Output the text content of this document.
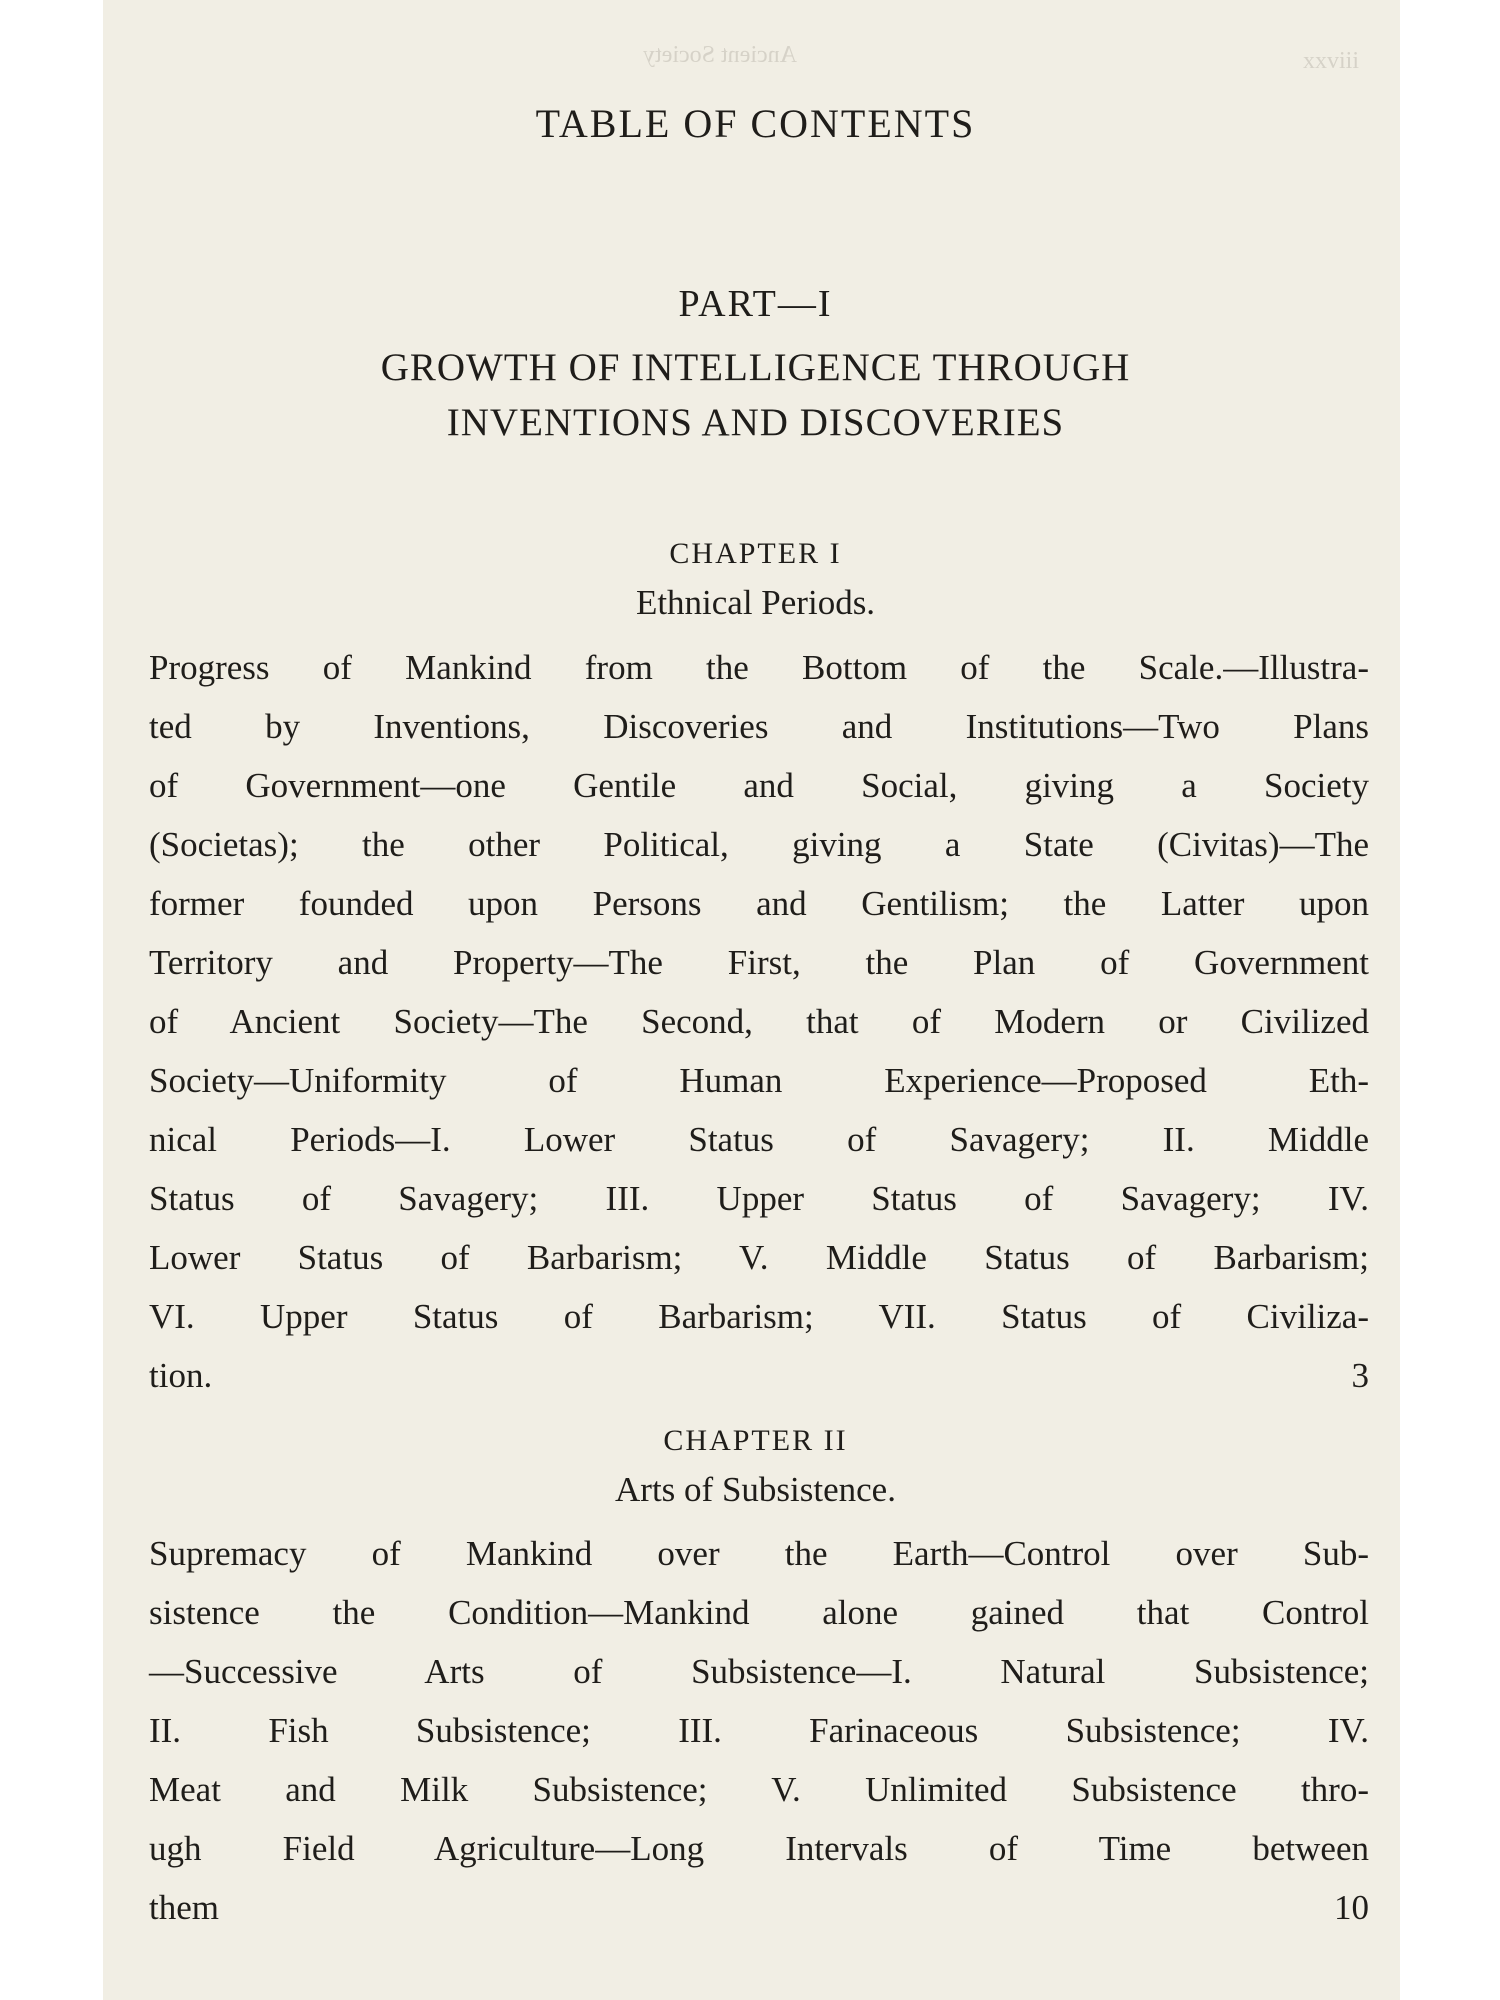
Ancient Society	xxviii
TABLE OF CONTENTS
PART—I
GROWTH OF INTELLIGENCE THROUGH
INVENTIONS AND DISCOVERIES
CHAPTER I
Ethnical Periods.
Progress of Mankind from the Bottom of the Scale.—Illustra-
ted by Inventions, Discoveries and Institutions—Two Plans
of Government—one Gentile and Social, giving a Society
(Societas); the other Political, giving a State (Civitas)—The
former founded upon Persons and Gentilism; the Latter upon
Territory and Property—The First, the Plan of Government
of Ancient Society—The Second, that of Modern or Civilized
Society—Uniformity of Human Experience—Proposed Eth-
nical Periods—I. Lower Status of Savagery; II. Middle
Status of Savagery; III. Upper Status of Savagery; IV.
Lower Status of Barbarism; V. Middle Status of Barbarism;
VI. Upper Status of Barbarism; VII. Status of Civiliza-
tion.	3
CHAPTER II
Arts of Subsistence.
Supremacy of Mankind over the Earth—Control over Sub-
sistence the Condition—Mankind alone gained that Control
—Successive Arts of Subsistence—I. Natural Subsistence;
II. Fish Subsistence; III. Farinaceous Subsistence; IV.
Meat and Milk Subsistence; V. Unlimited Subsistence thro-
ugh Field Agriculture—Long Intervals of Time between
them	10
